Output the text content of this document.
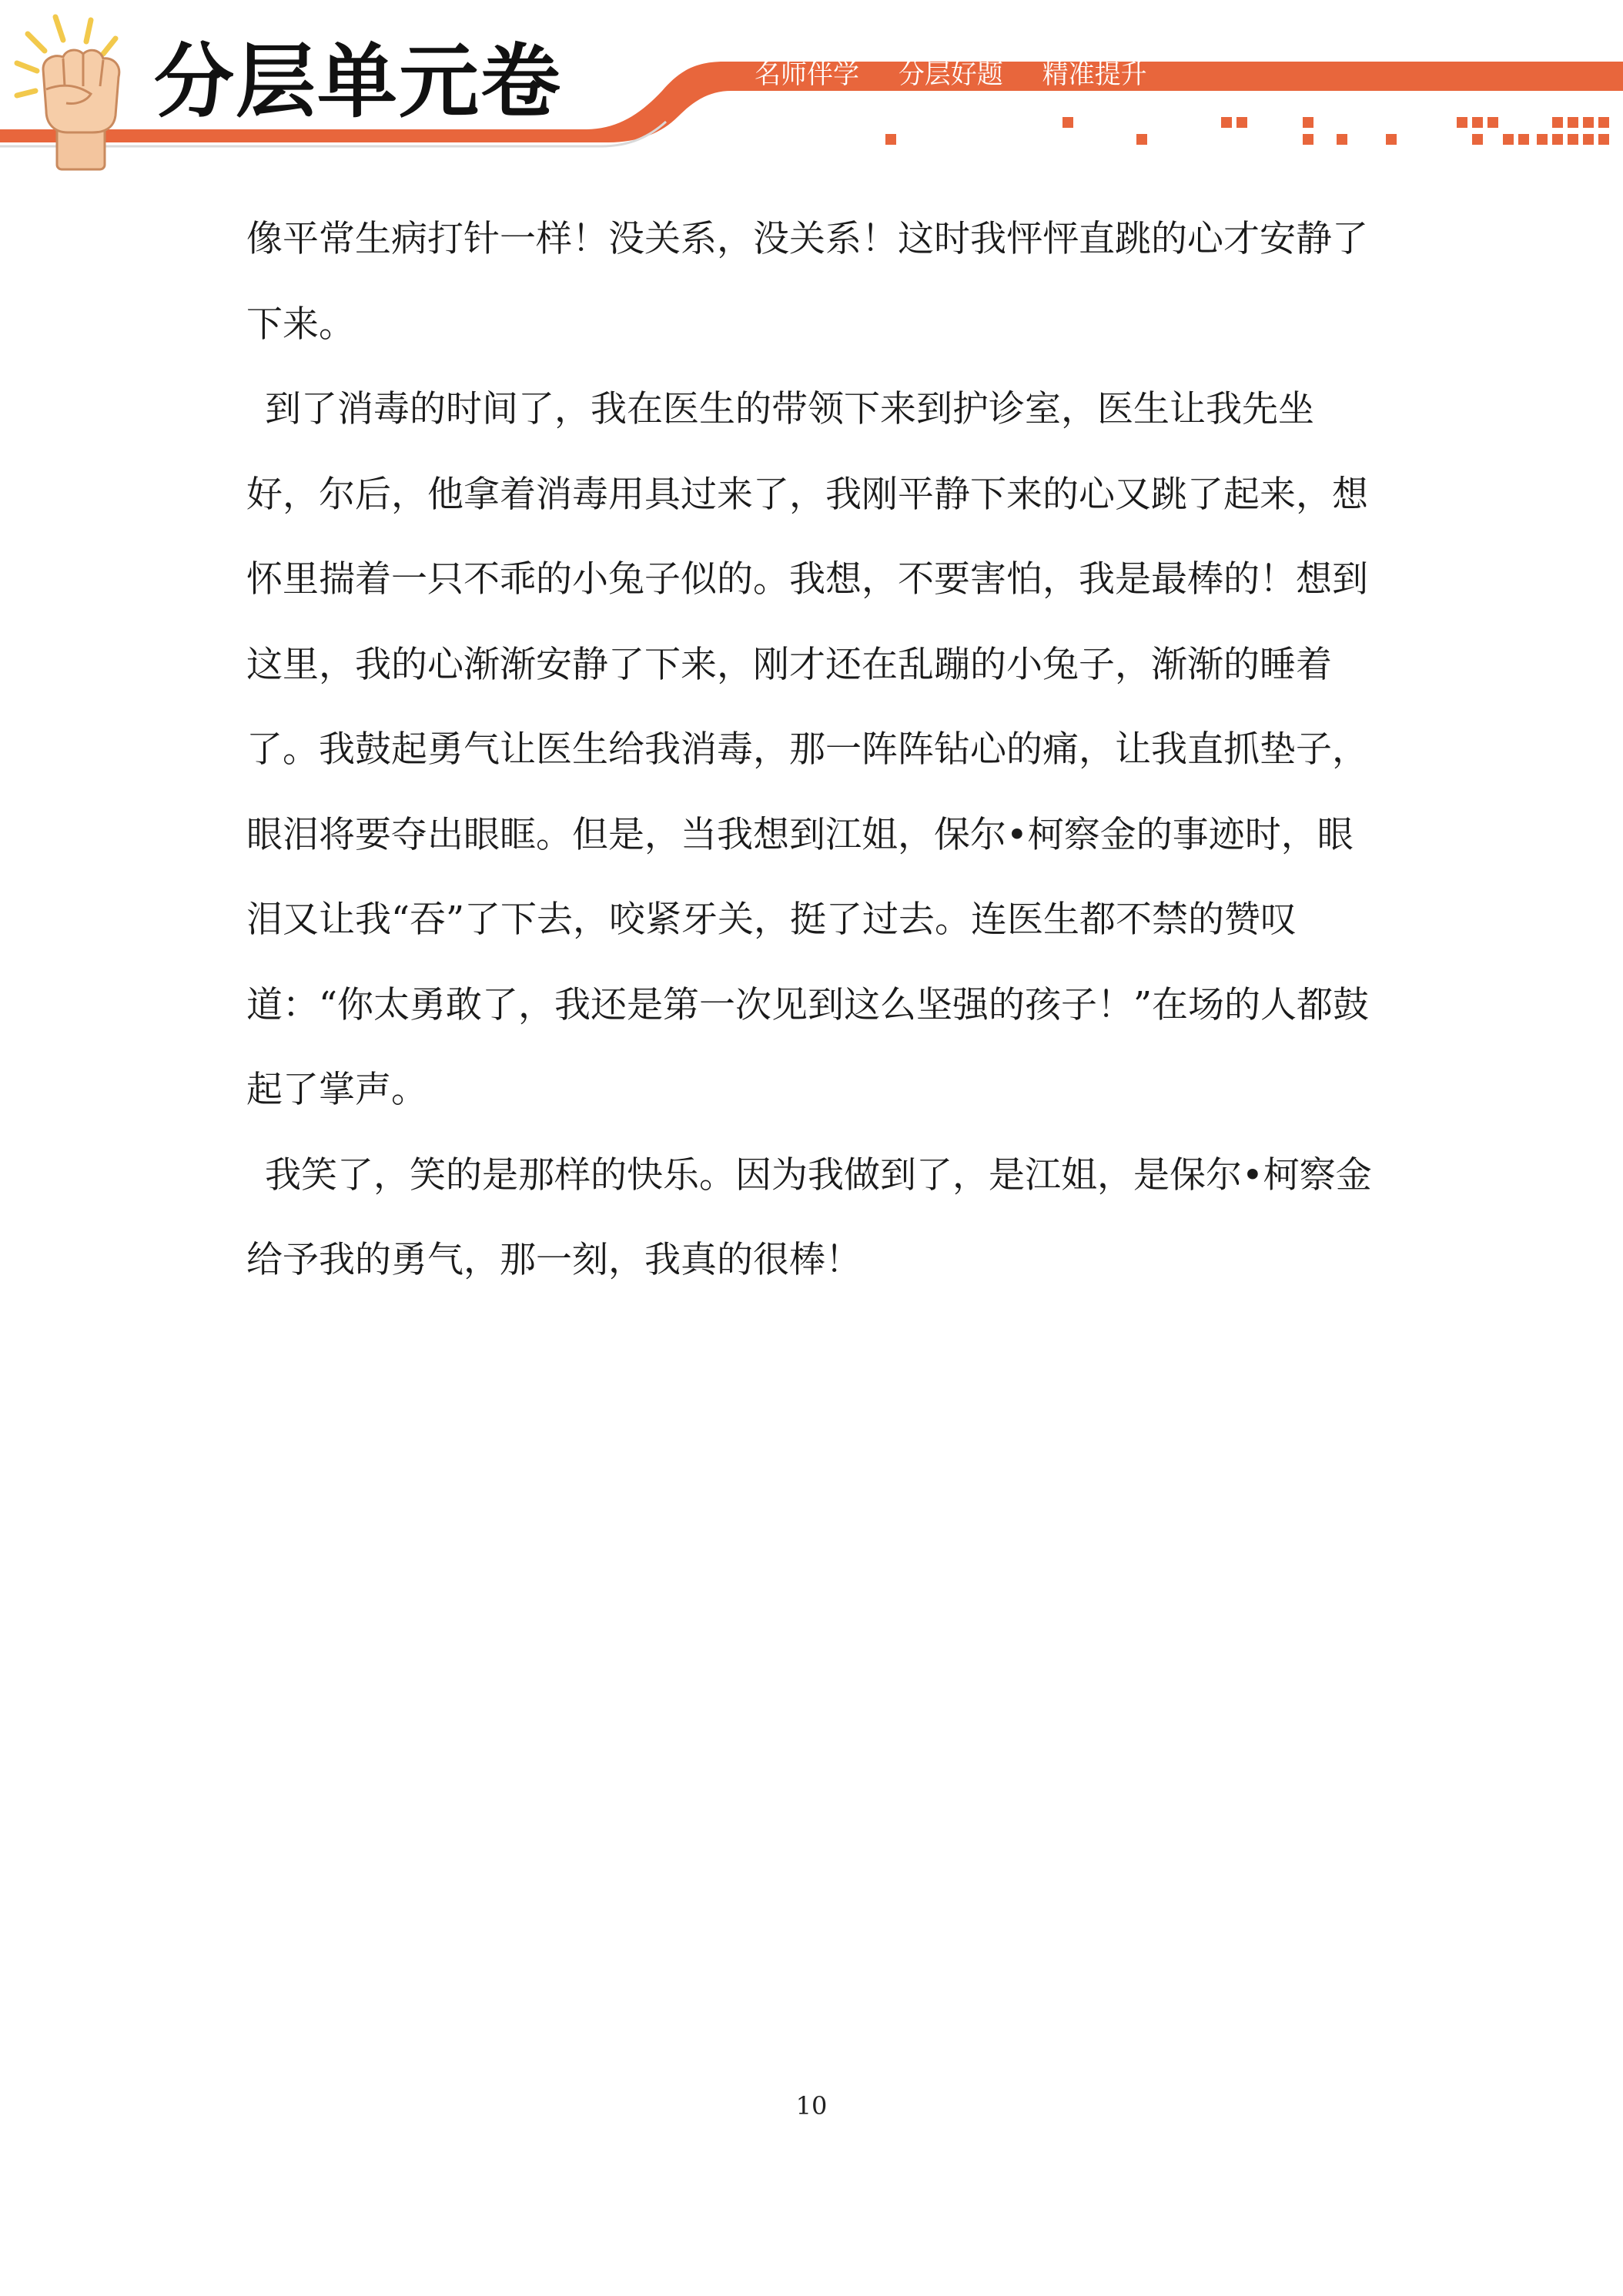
分层单元卷	名师伴学 分层好题 精准提升

像平常生病打针一样！没关系，没关系！这时我怦怦直跳的心才安静了下来。

到了消毒的时间了，我在医生的带领下来到护诊室，医生让我先坐好，尔后，他拿着消毒用具过来了，我刚平静下来的心又跳了起来，想怀里揣着一只不乖的小兔子似的。我想，不要害怕，我是最棒的！想到这里，我的心渐渐安静了下来，刚才还在乱蹦的小兔子，渐渐的睡着了。我鼓起勇气让医生给我消毒，那一阵阵钻心的痛，让我直抓垫子，眼泪将要夺出眼眶。但是，当我想到江姐，保尔•柯察金的事迹时，眼泪又让我“吞”了下去，咬紧牙关，挺了过去。连医生都不禁的赞叹道：“你太勇敢了，我还是第一次见到这么坚强的孩子！”在场的人都鼓起了掌声。

我笑了，笑的是那样的快乐。因为我做到了，是江姐，是保尔•柯察金给予我的勇气，那一刻，我真的很棒！

10
